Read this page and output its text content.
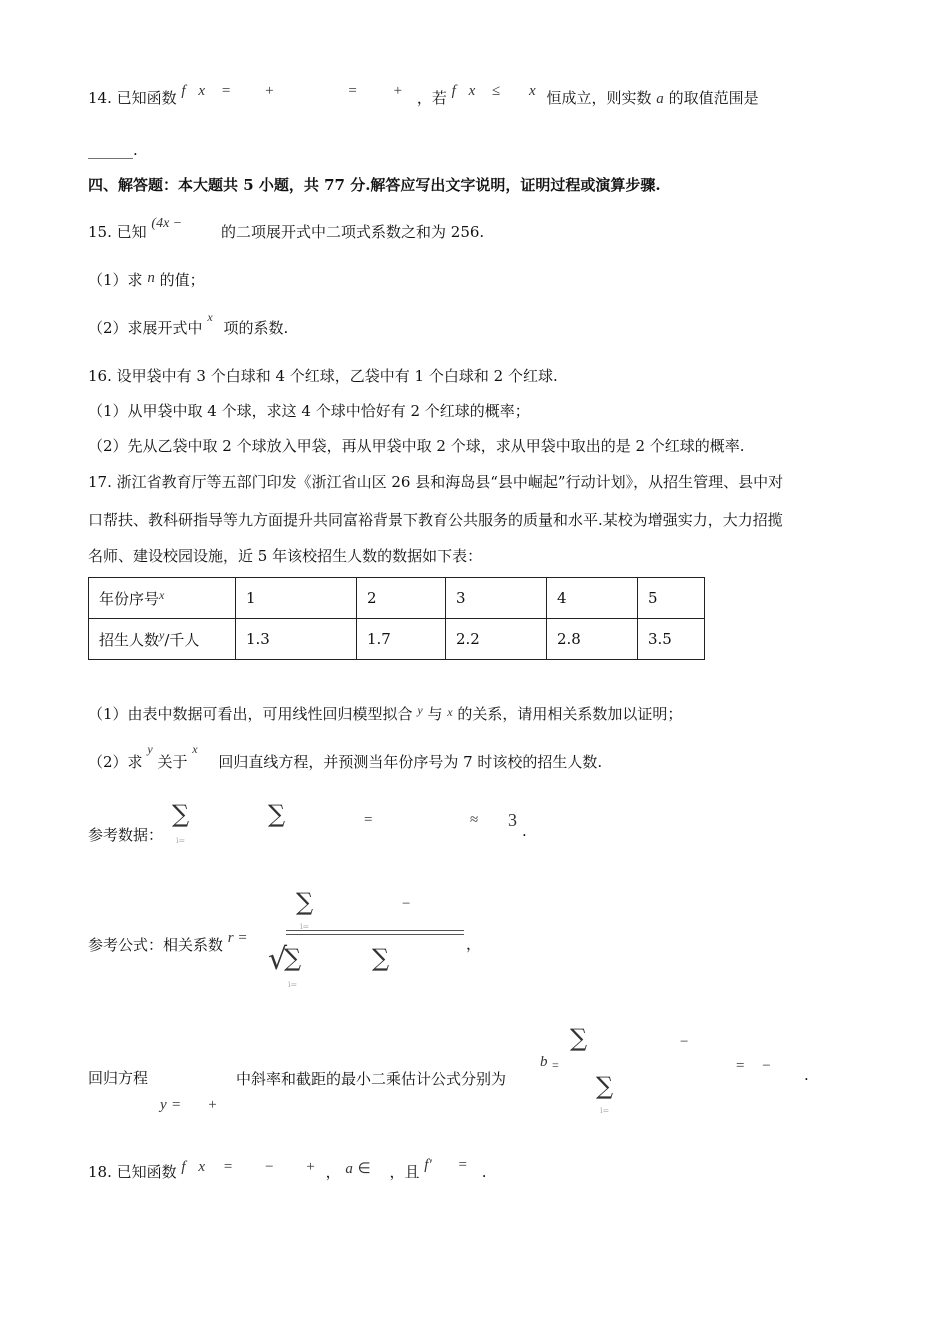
14. 已知函数 f x = +	= + ，若 f x ≤ x 恒成立，则实数 a 的取值范围是
______.
四、解答题：本大题共 5 小题，共 77 分.解答应写出文字说明，证明过程或演算步骤.
15. 已知 (4x −	的二项展开式中二项式系数之和为 256.
（1）求 n 的值；
（2）求展开式中 $^x$ 项的系数.
16. 设甲袋中有 3 个白球和 4 个红球，乙袋中有 1 个白球和 2 个红球.
（1）从甲袋中取 4 个球，求这 4 个球中恰好有 2 个红球的概率；
（2）先从乙袋中取 2 个球放入甲袋，再从甲袋中取 2 个球，求从甲袋中取出的是 2 个红球的概率.
17. 浙江省教育厅等五部门印发《浙江省山区 26 县和海岛县“县中崛起”行动计划》，从招生管理、县中对
口帮扶、教科研指导等九方面提升共同富裕背景下教育公共服务的质量和水平.某校为增强实力，大力招揽
名师、建设校园设施，近 5 年该校招生人数的数据如下表：
年份序号$^x$	1	2	3	4	5
招生人数$^y$/千人	1.3	1.7	2.2	2.8	3.5
（1）由表中数据可看出，可用线性回归模型拟合 $^y$ 与 $^x$ 的关系，请用相关系数加以证明；
（2）求 $^y$ 关于 $^x$ 回归直线方程，并预测当年份序号为 7 时该校的招生人数.
参考数据：
∑
i=
∑	=	≈ 3
.
参考公式：相关系数 r =
∑
i=
−
√
∑
i=
∑	，
回归方程
y = +
中斜率和截距的最小二乘估计公式分别为
b =
∑	−
∑
i=
= − .
18. 已知函数 f x = − + ， a ∈ ，且 f′ = .
